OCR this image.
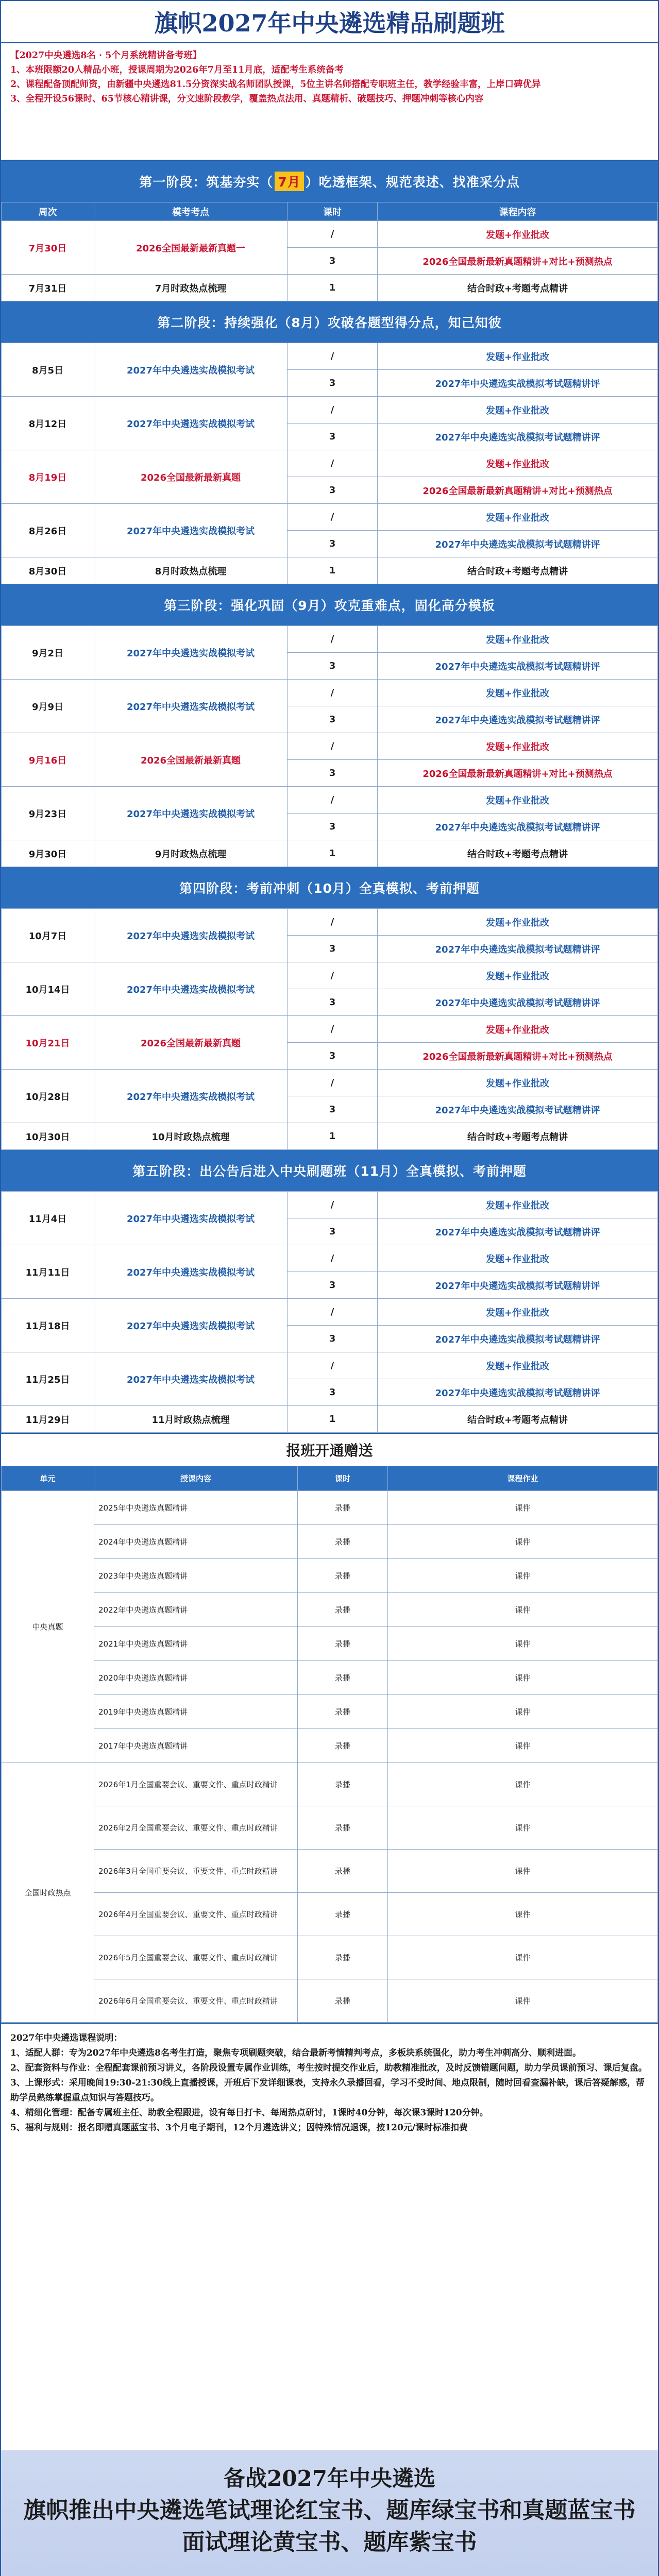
旗帜2027年中央遴选精品刷题班
【2027中央遴选8名 · 5个月系统精讲备考班】
1、本班限额20人精品小班，授课周期为2026年7月至11月底，适配考生系统备考
2、课程配备顶配师资，由新疆中央遴选81.5分资深实战名师团队授课，5位主讲名师搭配专职班主任，教学经验丰富，上岸口碑优异
3、全程开设56课时、65节核心精讲课，分文速阶段教学，覆盖热点法用、真题精析、破题技巧、押题冲刺等核心内容
第一阶段：筑基夯实（ 7月 ）吃透框架、规范表述、找准采分点
周次	模考考点	课时	课程内容
7月30日	2026全国最新最新真题一	/	发题+作业批改
		3	2026全国最新最新真题精讲+对比+预测热点
7月31日	7月时政热点梳理	1	结合时政+考题考点精讲
第二阶段：持续强化（8月）攻破各题型得分点，知己知彼
8月5日	2027年中央遴选实战模拟考试	/	发题+作业批改
		3	2027年中央遴选实战模拟考试题精讲评
8月12日	2027年中央遴选实战模拟考试	/	发题+作业批改
		3	2027年中央遴选实战模拟考试题精讲评
8月19日	2026全国最新最新真题	/	发题+作业批改
		3	2026全国最新最新真题精讲+对比+预测热点
8月26日	2027年中央遴选实战模拟考试	/	发题+作业批改
		3	2027年中央遴选实战模拟考试题精讲评
8月30日	8月时政热点梳理	1	结合时政+考题考点精讲
第三阶段：强化巩固（9月）攻克重难点，固化高分模板
9月2日	2027年中央遴选实战模拟考试	/	发题+作业批改
		3	2027年中央遴选实战模拟考试题精讲评
9月9日	2027年中央遴选实战模拟考试	/	发题+作业批改
		3	2027年中央遴选实战模拟考试题精讲评
9月16日	2026全国最新最新真题	/	发题+作业批改
		3	2026全国最新最新真题精讲+对比+预测热点
9月23日	2027年中央遴选实战模拟考试	/	发题+作业批改
		3	2027年中央遴选实战模拟考试题精讲评
9月30日	9月时政热点梳理	1	结合时政+考题考点精讲
第四阶段：考前冲刺（10月）全真模拟、考前押题
10月7日	2027年中央遴选实战模拟考试	/	发题+作业批改
		3	2027年中央遴选实战模拟考试题精讲评
10月14日	2027年中央遴选实战模拟考试	/	发题+作业批改
		3	2027年中央遴选实战模拟考试题精讲评
10月21日	2026全国最新最新真题	/	发题+作业批改
		3	2026全国最新最新真题精讲+对比+预测热点
10月28日	2027年中央遴选实战模拟考试	/	发题+作业批改
		3	2027年中央遴选实战模拟考试题精讲评
10月30日	10月时政热点梳理	1	结合时政+考题考点精讲
第五阶段：出公告后进入中央刷题班（11月）全真模拟、考前押题
11月4日	2027年中央遴选实战模拟考试	/	发题+作业批改
		3	2027年中央遴选实战模拟考试题精讲评
11月11日	2027年中央遴选实战模拟考试	/	发题+作业批改
		3	2027年中央遴选实战模拟考试题精讲评
11月18日	2027年中央遴选实战模拟考试	/	发题+作业批改
		3	2027年中央遴选实战模拟考试题精讲评
11月25日	2027年中央遴选实战模拟考试	/	发题+作业批改
		3	2027年中央遴选实战模拟考试题精讲评
11月29日	11月时政热点梳理	1	结合时政+考题考点精讲
报班开通赠送
单元	授课内容	课时	课程作业
中央真题	2025年中央遴选真题精讲	录播	课件
	2024年中央遴选真题精讲	录播	课件
	2023年中央遴选真题精讲	录播	课件
	2022年中央遴选真题精讲	录播	课件
	2021年中央遴选真题精讲	录播	课件
	2020年中央遴选真题精讲	录播	课件
	2019年中央遴选真题精讲	录播	课件
	2017年中央遴选真题精讲	录播	课件
全国时政热点	2026年1月全国重要会议、重要文件、重点时政精讲	录播	课件
	2026年2月全国重要会议、重要文件、重点时政精讲	录播	课件
	2026年3月全国重要会议、重要文件、重点时政精讲	录播	课件
	2026年4月全国重要会议、重要文件、重点时政精讲	录播	课件
	2026年5月全国重要会议、重要文件、重点时政精讲	录播	课件
	2026年6月全国重要会议、重要文件、重点时政精讲	录播	课件
2027年中央遴选课程说明：
1、适配人群：专为2027年中央遴选8名考生打造，聚焦专项刷题突破，结合最新考情精判考点，多板块系统强化，助力考生冲刺高分、顺利进面。
2、配套资料与作业：全程配套课前预习讲义，各阶段设置专属作业训练，考生按时提交作业后，助教精准批改，及时反馈错题问题，助力学员课前预习、课后复盘。
3、上课形式：采用晚间19:30-21:30线上直播授课，开班后下发详细课表，支持永久录播回看，学习不受时间、地点限制，随时回看查漏补缺，课后答疑解惑，帮助学员熟练掌握重点知识与答题技巧。
4、精细化管理：配备专属班主任、助教全程跟进，设有每日打卡、每周热点研讨，1课时40分钟，每次课3课时120分钟。
5、福利与规则：报名即赠真题蓝宝书、3个月电子期刊，12个月遴选讲义；因特殊情况退课，按120元/课时标准扣费
备战2027年中央遴选
旗帜推出中央遴选笔试理论红宝书、题库绿宝书和真题蓝宝书
面试理论黄宝书、题库紫宝书
